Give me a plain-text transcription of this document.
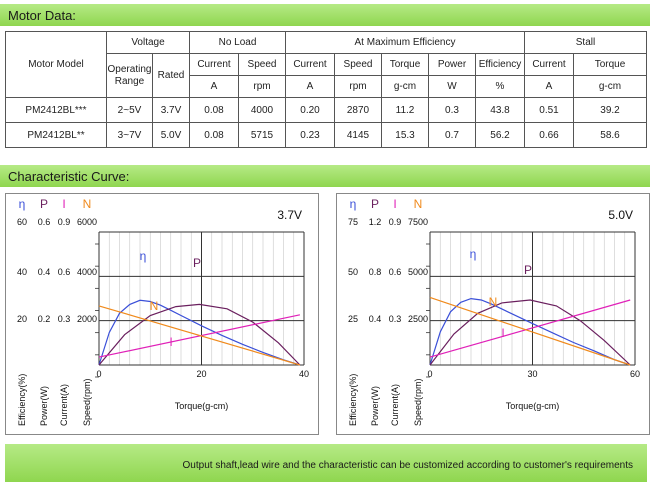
Motor Data:
Motor Model	Voltage		No Load		At Maximum Efficiency					Stall	
	Operating Range	Rated	Current	Speed	Current	Speed	Torque	Power	Efficiency	Current	Torque
			A	rpm	A	rpm	g-cm	W	%	A	g-cm
PM2412BL***	2~5V	3.7V	0.08	4000	0.20	2870	11.2	0.3	43.8	0.51	39.2
PM2412BL**	3~7V	5.0V	0.08	5715	0.23	4145	15.3	0.7	56.2	0.66	58.6
Characteristic Curve:
3.7V
η
60
40
20
Efficiency(%)
P
0.6
0.4
0.2
Power(W)
I
0.9
0.6
0.3
Current(A)
N
6000
4000
2000
Speed(rpm)
0	20	40
Torque(g-cm)
η	P
N
I
5.0V
η
75
50
25
Efficiency(%)
P
1.2
0.8
0.4
Power(W)
I
0.9
0.6
0.3
Current(A)
N
7500
5000
2500
Speed(rpm)
0	30	60
Torque(g-cm)
η
P
N
I
Output shaft,lead wire and the characteristic can be customized according to customer's requirements
